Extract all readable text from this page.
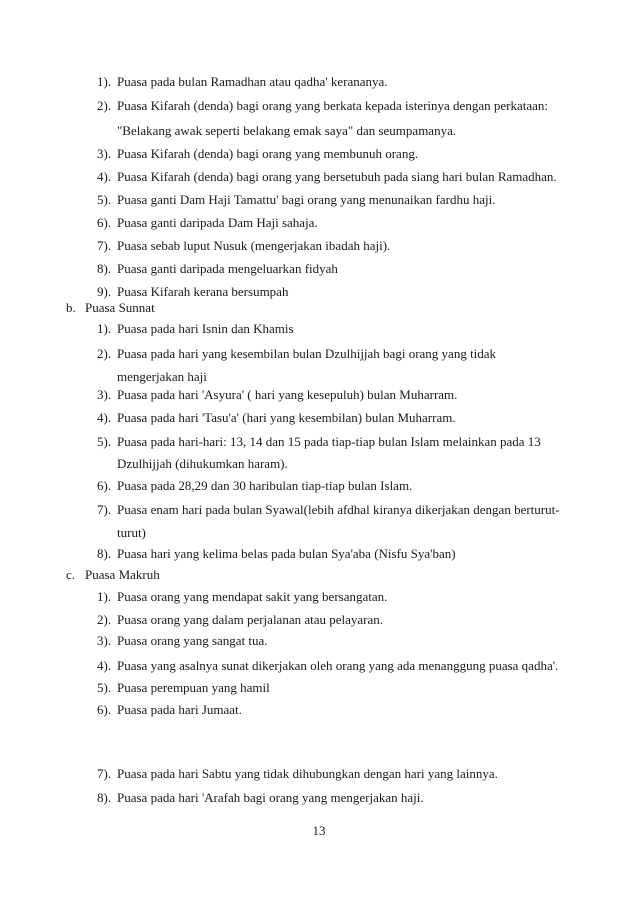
1). Puasa pada bulan Ramadhan atau qadha' kerananya.
2). Puasa Kifarah (denda) bagi orang yang berkata kepada isterinya dengan perkataan:
"Belakang awak seperti belakang emak saya" dan seumpamanya.
3). Puasa Kifarah (denda) bagi orang yang membunuh orang.
4). Puasa Kifarah (denda) bagi orang yang bersetubuh pada siang hari bulan Ramadhan.
5). Puasa ganti Dam Haji Tamattu' bagi orang yang menunaikan fardhu haji.
6). Puasa ganti daripada Dam Haji sahaja.
7). Puasa sebab luput Nusuk (mengerjakan ibadah haji).
8). Puasa ganti daripada mengeluarkan fidyah
9). Puasa Kifarah kerana bersumpah
b. Puasa Sunnat
1). Puasa pada hari Isnin dan Khamis
2). Puasa pada hari yang kesembilan bulan Dzulhijjah bagi orang yang tidak
mengerjakan haji
3). Puasa pada hari 'Asyura' ( hari yang kesepuluh) bulan Muharram.
4). Puasa pada hari 'Tasu'a' (hari yang kesembilan) bulan Muharram.
5). Puasa pada hari-hari: 13, 14 dan 15 pada tiap-tiap bulan Islam melainkan pada 13
Dzulhijjah (dihukumkan haram).
6). Puasa pada 28,29 dan 30 haribulan tiap-tiap bulan Islam.
7). Puasa enam hari pada bulan Syawal(lebih afdhal kiranya dikerjakan dengan berturut-
turut)
8). Puasa hari yang kelima belas pada bulan Sya'aba (Nisfu Sya'ban)
c. Puasa Makruh
1). Puasa orang yang mendapat sakit yang bersangatan.
2). Puasa orang yang dalam perjalanan atau pelayaran.
3). Puasa orang yang sangat tua.
4). Puasa yang asalnya sunat dikerjakan oleh orang yang ada menanggung puasa qadha'.
5). Puasa perempuan yang hamil
6). Puasa pada hari Jumaat.
7). Puasa pada hari Sabtu yang tidak dihubungkan dengan hari yang lainnya.
8). Puasa pada hari 'Arafah bagi orang yang mengerjakan haji.
13
